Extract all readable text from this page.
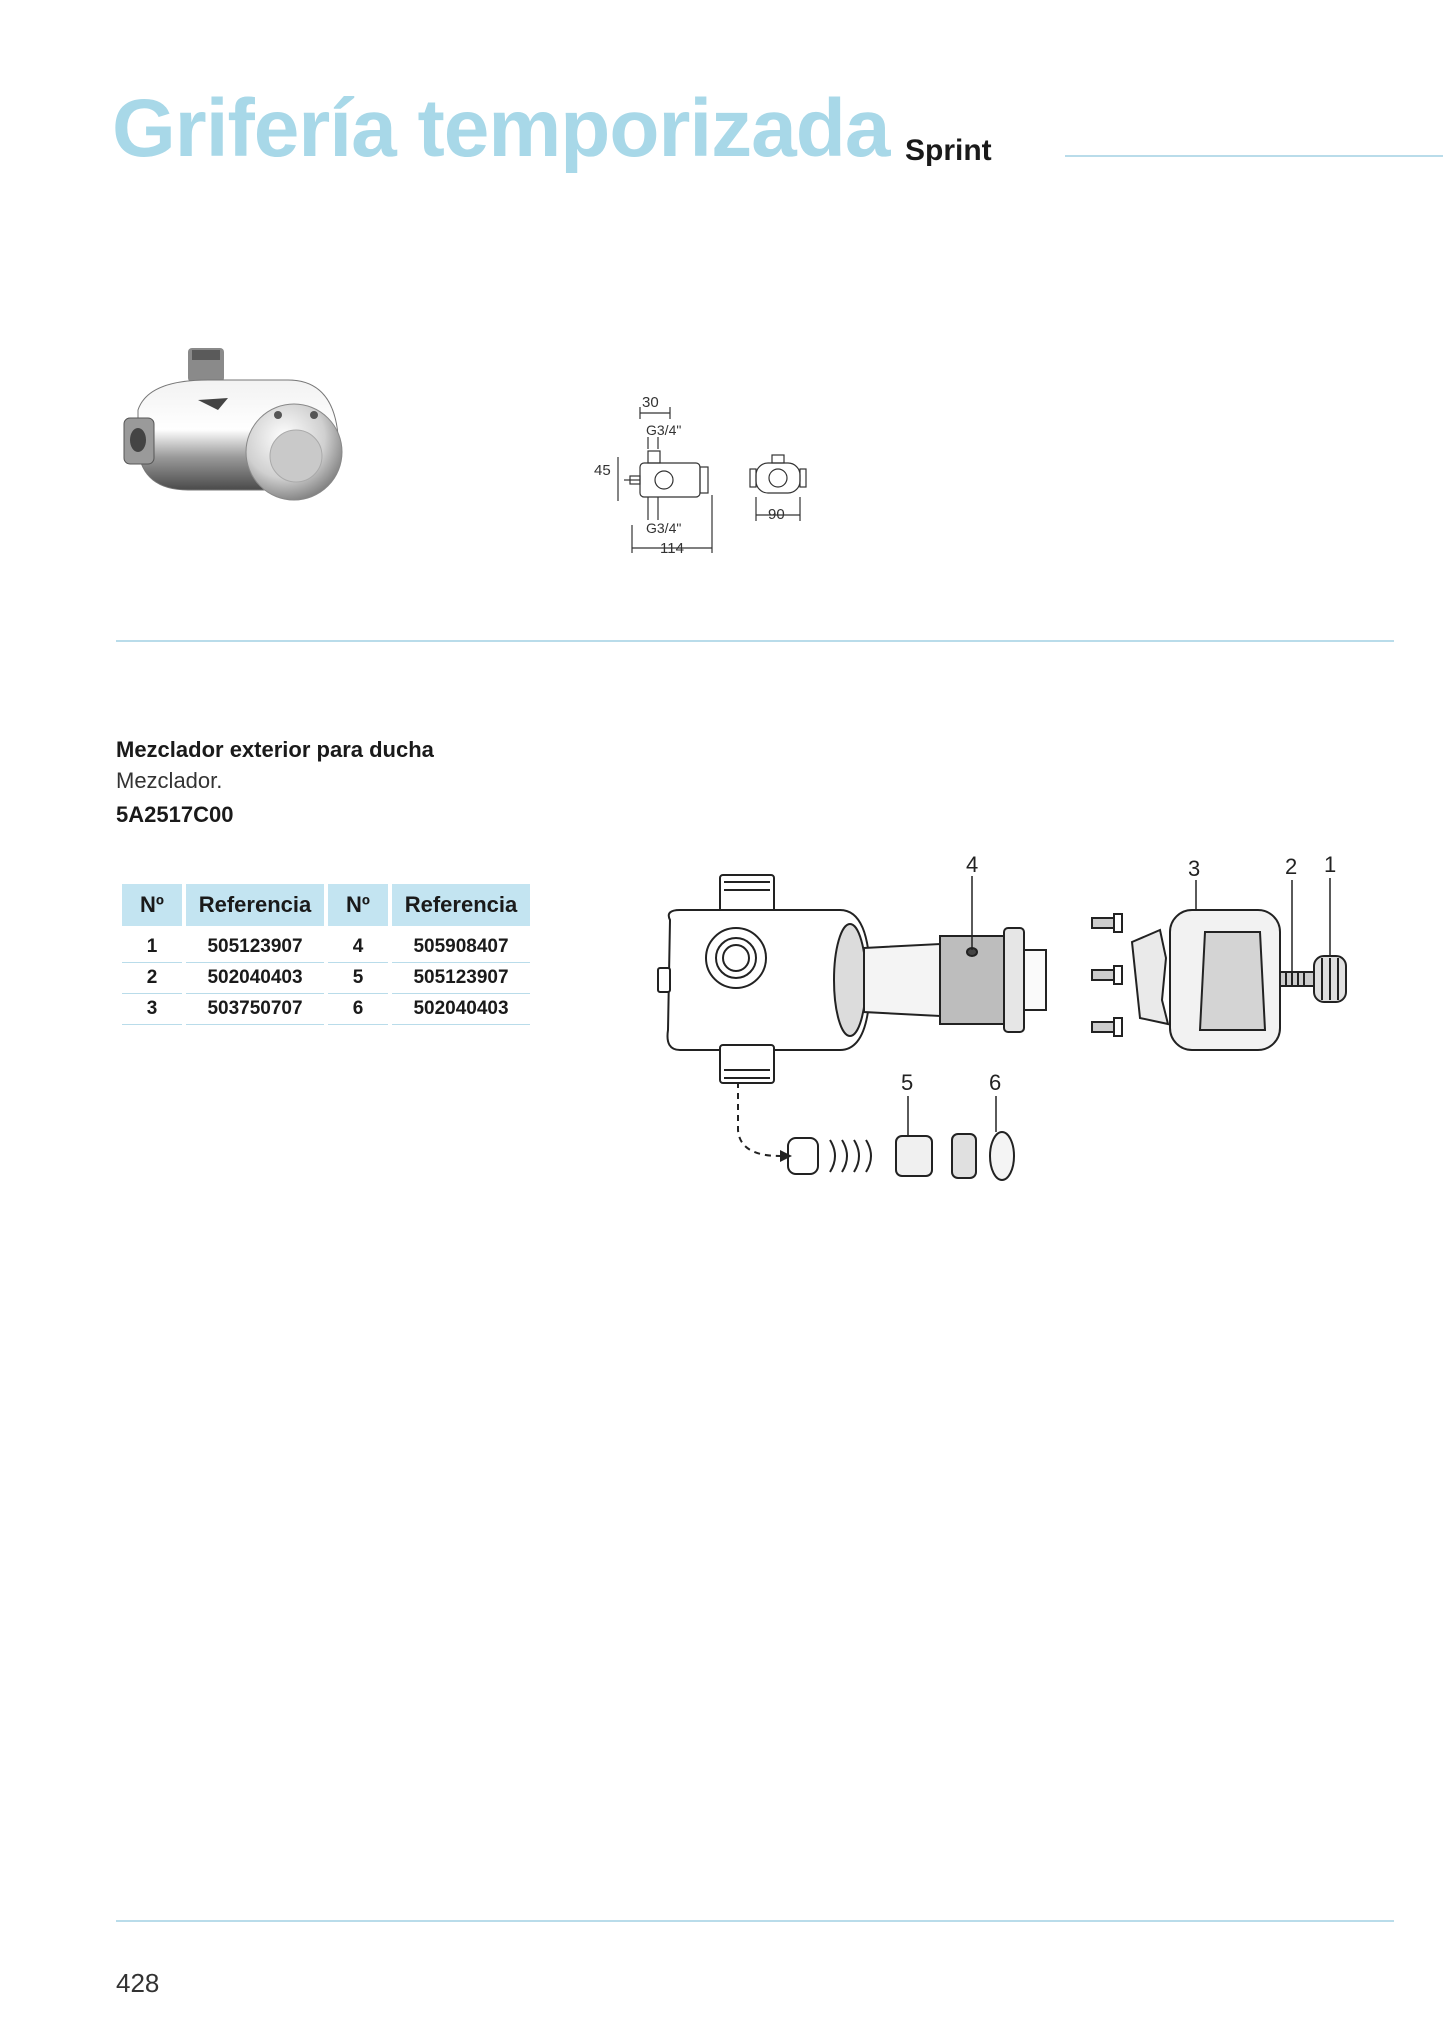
Grifería temporizada Sprint
30
G3/4"
45
G3/4"
114
90
Mezclador exterior para ducha
Mezclador.
5A2517C00
Nº	Referencia	Nº	Referencia

1	505123907	4	505908407
2	502040403	5	505123907
3	503750707	6	502040403
4	3	2 1
5	6
428
